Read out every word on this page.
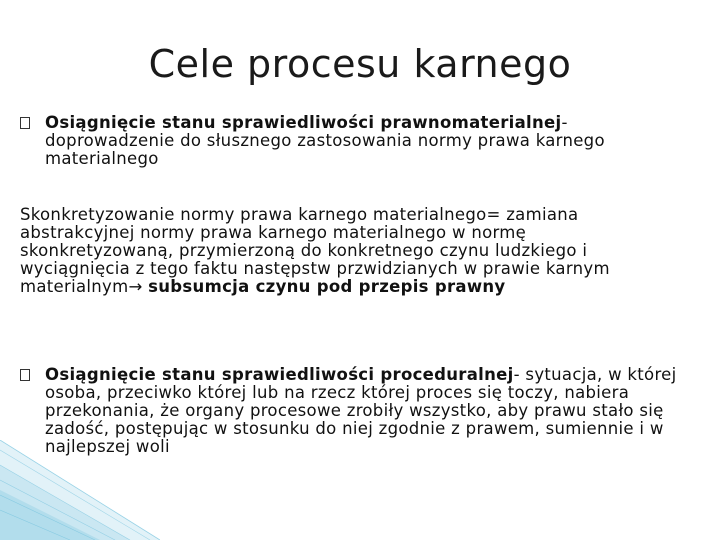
Cele procesu karnego
Osiągnięcie stanu sprawiedliwości prawnomaterialnej- doprowadzenie do słusznego zastosowania normy prawa karnego materialnego
Skonkretyzowanie normy prawa karnego materialnego= zamiana abstrakcyjnej normy prawa karnego materialnego w normę skonkretyzowaną, przymierzoną do konkretnego czynu ludzkiego i wyciągnięcia z tego faktu następstw przwidzianych w prawie karnym materialnym→ subsumcja czynu pod przepis prawny
Osiągnięcie stanu sprawiedliwości proceduralnej- sytuacja, w której osoba, przeciwko której lub na rzecz której proces się toczy, nabiera przekonania, że organy procesowe zrobiły wszystko, aby prawu stało się zadość, postępując w stosunku do niej zgodnie z prawem, sumiennie i w najlepszej woli
